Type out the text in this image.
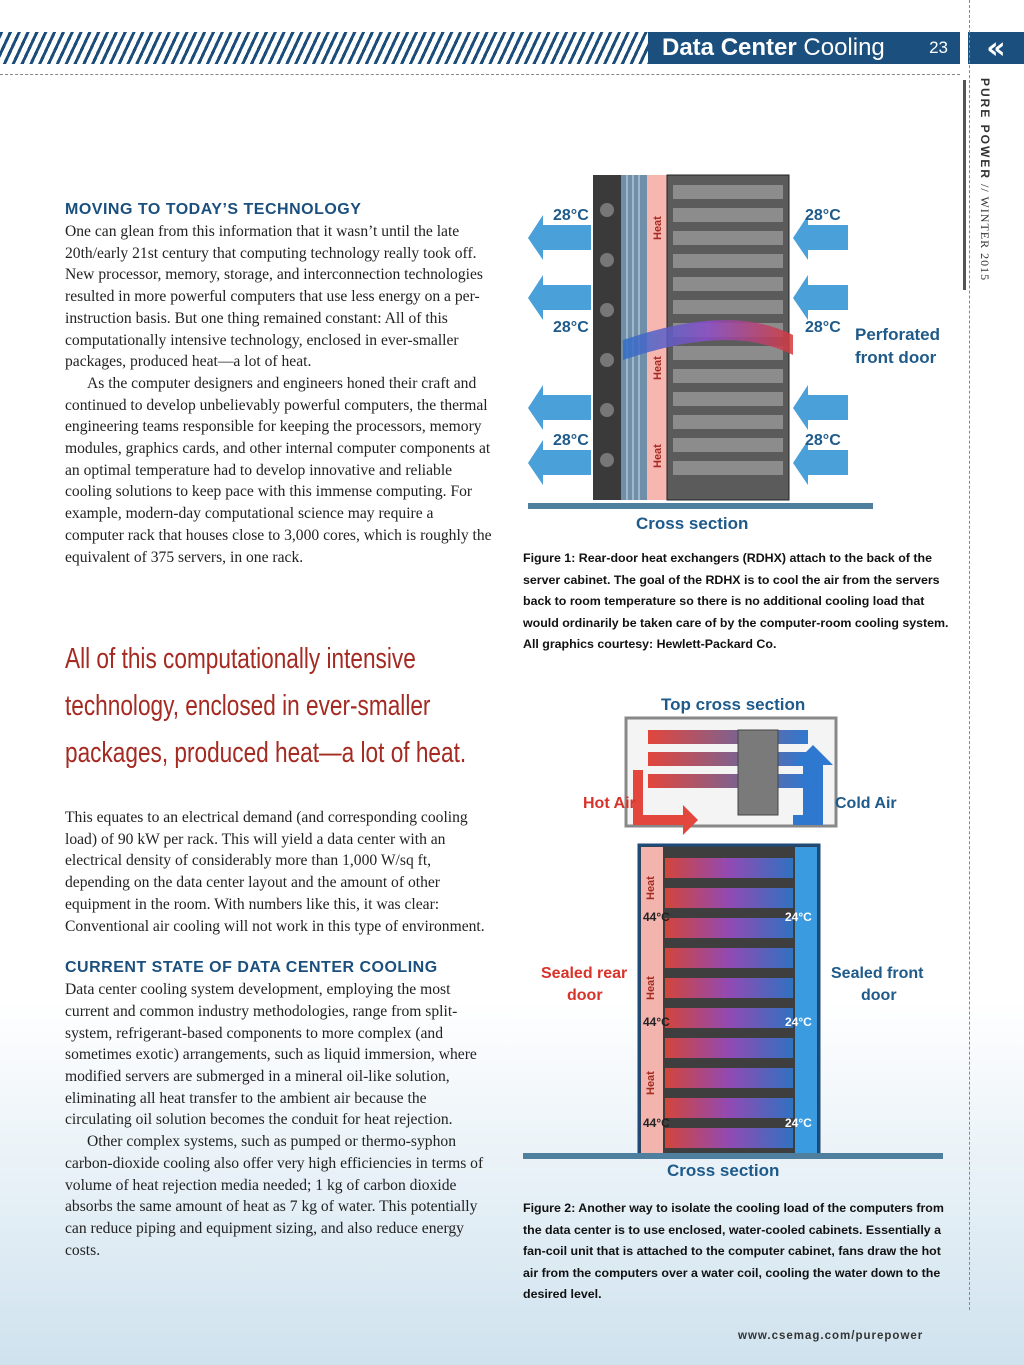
Data Center Cooling	23	«
PURE POWER // WINTER 2015
MOVING TO TODAY’S TECHNOLOGY

One can glean from this information that it wasn’t until the late 20th/early 21st century that computing technology really took off. New processor, memory, storage, and interconnection technologies resulted in more powerful computers that use less energy on a per-instruction basis. But one thing remained constant: All of this computationally intensive technology, enclosed in ever-smaller packages, produced heat—a lot of heat.

As the computer designers and engineers honed their craft and continued to develop unbelievably powerful computers, the thermal engineering teams responsible for keeping the processors, memory modules, graphics cards, and other internal computer components at an optimal temperature had to develop innovative and reliable cooling solutions to keep pace with this immense computing. For example, modern-day computational science may require a computer rack that houses close to 3,000 cores, which is roughly the equivalent of 375 servers, in one rack.

All of this computationally intensive technology, enclosed in ever-smaller packages, produced heat—a lot of heat.

This equates to an electrical demand (and corresponding cooling load) of 90 kW per rack. This will yield a data center with an electrical density of considerably more than 1,000 W/sq ft, depending on the data center layout and the amount of other equipment in the room. With numbers like this, it was clear: Conventional air cooling will not work in this type of environment.

CURRENT STATE OF DATA CENTER COOLING

Data center cooling system development, employing the most current and common industry methodologies, range from split-system, refrigerant-based components to more complex (and sometimes exotic) arrangements, such as liquid immersion, where modified servers are submerged in a mineral oil-like solution, eliminating all heat transfer to the ambient air because the circulating oil solution becomes the conduit for heat rejection.

Other complex systems, such as pumped or thermo-syphon carbon-dioxide cooling also offer very high efficiencies in terms of volume of heat rejection media needed; 1 kg of carbon dioxide absorbs the same amount of heat as 7 kg of water. This potentially can reduce piping and equipment sizing, and also reduce energy costs.

28°C
28°C
28°C
28°C
28°C
28°C
Heat
Heat
Heat
Perforated
front door
Cross section
Figure 1: Rear-door heat exchangers (RDHX) attach to the back of the server cabinet. The goal of the RDHX is to cool the air from the servers back to room temperature so there is no additional cooling load that would ordinarily be taken care of by the computer-room cooling system. All graphics courtesy: Hewlett-Packard Co.
Top cross section
Hot Air	Cold Air
Heat
Heat
Heat
44°C
44°C
44°C
24°C
24°C
24°C
Sealed rear
door
Sealed front
door
Cross section
Figure 2: Another way to isolate the cooling load of the computers from the data center is to use enclosed, water-cooled cabinets. Essentially a fan-coil unit that is attached to the computer cabinet, fans draw the hot air from the computers over a water coil, cooling the water down to the desired level.
www.csemag.com/purepower
